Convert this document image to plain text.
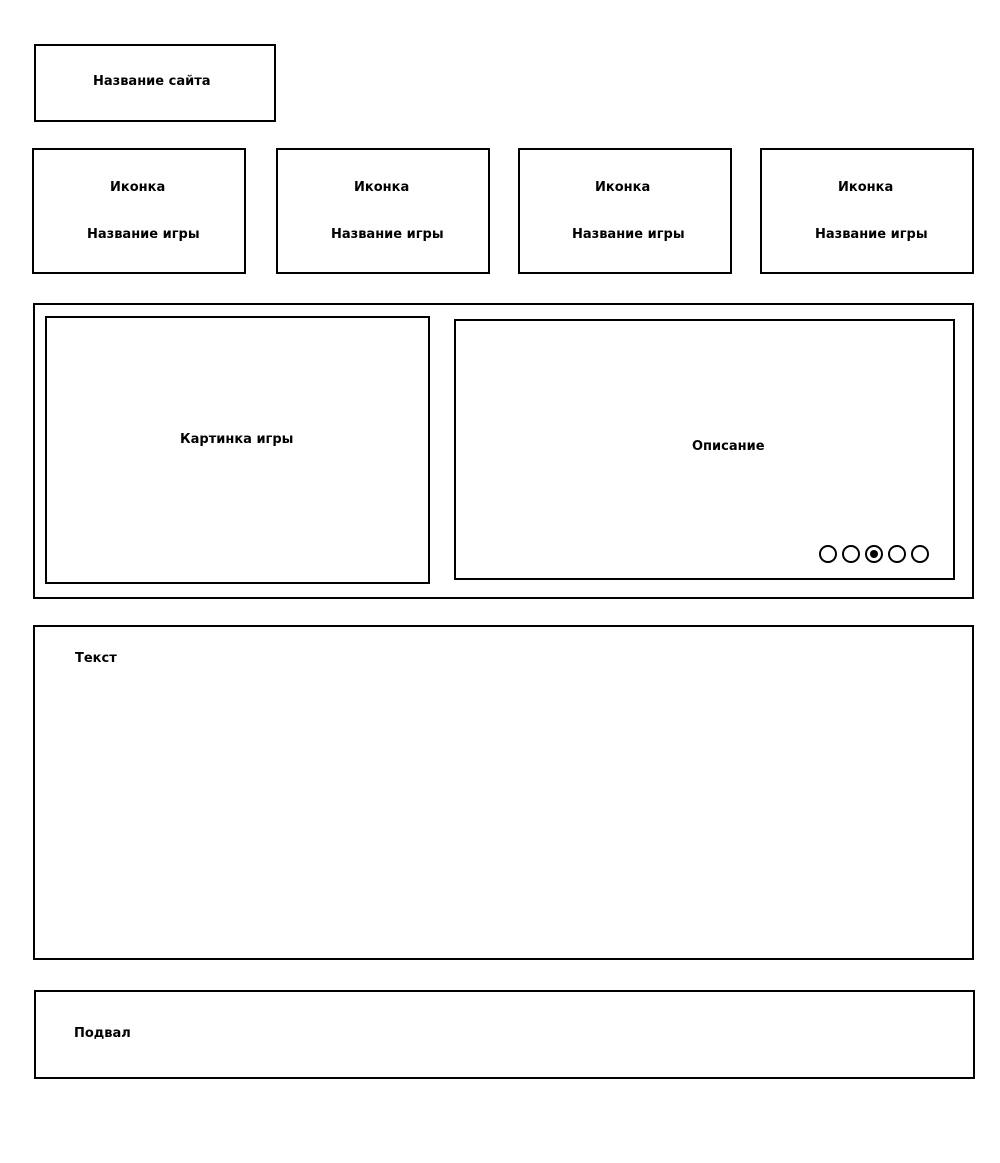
Название сайта
Иконка
Название игры
Иконка
Название игры
Иконка
Название игры
Иконка
Название игры
Картинка игры	Описание
Текст
Подвал
